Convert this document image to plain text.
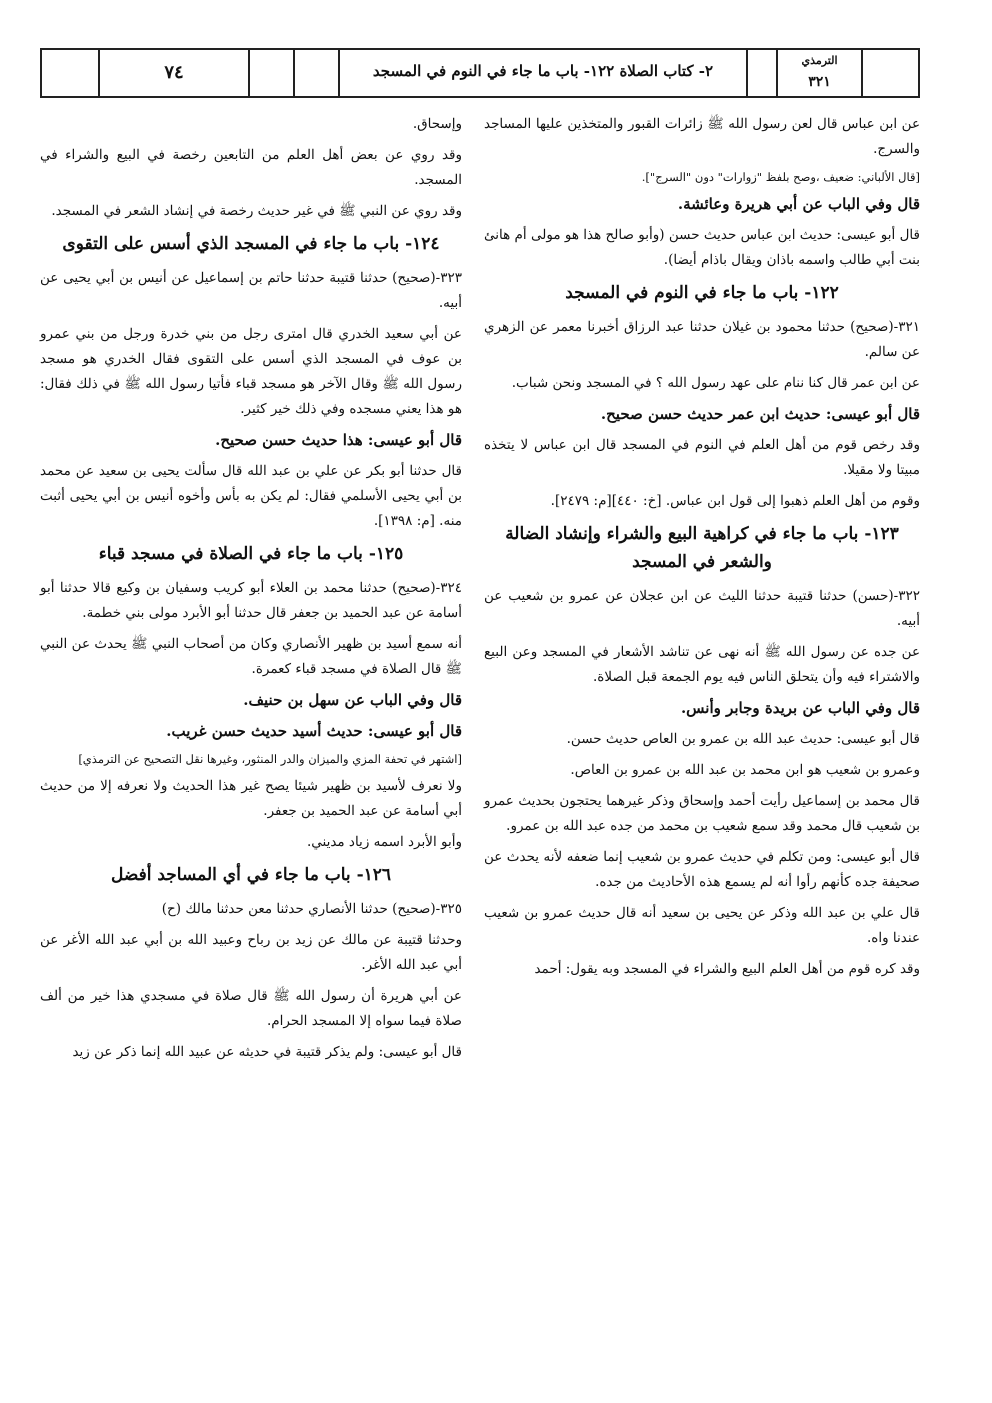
٧٤	٢- كتاب الصلاة ١٢٢- باب ما جاء في النوم في المسجد
الترمذي
٣٢١

عن ابن عباس قال لعن رسول الله ﷺ زائرات القبور والمتخذين عليها المساجد والسرج.

[قال الألباني: ضعيف ،وصح بلفظ "زوارات" دون "السرج"].

قال وفي الباب عن أبي هريرة وعائشة.

قال أبو عيسى: حديث ابن عباس حديث حسن (وأبو صالح هذا هو مولى أم هانئ بنت أبي طالب واسمه باذان ويقال باذام أيضا).

١٢٢- باب ما جاء في النوم في المسجد

٣٢١-(صحيح) حدثنا محمود بن غيلان حدثنا عبد الرزاق أخبرنا معمر عن الزهري عن سالم.

عن ابن عمر قال كنا ننام على عهد رسول الله ؟ في المسجد ونحن شباب.

قال أبو عيسى: حديث ابن عمر حديث حسن صحيح.

وقد رخص قوم من أهل العلم في النوم في المسجد قال ابن عباس لا يتخذه مبيتا ولا مقيلا.

وقوم من أهل العلم ذهبوا إلى قول ابن عباس. [خ: ٤٤٠][م: ٢٤٧٩].

١٢٣- باب ما جاء في كراهية البيع والشراء وإنشاد الضالة والشعر في المسجد

٣٢٢-(حسن) حدثنا قتيبة حدثنا الليث عن ابن عجلان عن عمرو بن شعيب عن أبيه.

عن جده عن رسول الله ﷺ أنه نهى عن تناشد الأشعار في المسجد وعن البيع والاشتراء فيه وأن يتحلق الناس فيه يوم الجمعة قبل الصلاة.

قال وفي الباب عن بريدة وجابر وأنس.

قال أبو عيسى: حديث عبد الله بن عمرو بن العاص حديث حسن.

وعمرو بن شعيب هو ابن محمد بن عبد الله بن عمرو بن العاص.

قال محمد بن إسماعيل رأيت أحمد وإسحاق وذكر غيرهما يحتجون بحديث عمرو بن شعيب قال محمد وقد سمع شعيب بن محمد من جده عبد الله بن عمرو.

قال أبو عيسى: ومن تكلم في حديث عمرو بن شعيب إنما ضعفه لأنه يحدث عن صحيفة جده كأنهم رأوا أنه لم يسمع هذه الأحاديث من جده.

قال علي بن عبد الله وذكر عن يحيى بن سعيد أنه قال حديث عمرو بن شعيب عندنا واه.

وقد كره قوم من أهل العلم البيع والشراء في المسجد وبه يقول: أحمد

وإسحاق.

وقد روي عن بعض أهل العلم من التابعين رخصة في البيع والشراء في المسجد.

وقد روي عن النبي ﷺ في غير حديث رخصة في إنشاد الشعر في المسجد.

١٢٤- باب ما جاء في المسجد الذي أسس على التقوى

٣٢٣-(صحيح) حدثنا قتيبة حدثنا حاتم بن إسماعيل عن أنيس بن أبي يحيى عن أبيه.

عن أبي سعيد الخدري قال امترى رجل من بني خدرة ورجل من بني عمرو بن عوف في المسجد الذي أسس على التقوى فقال الخدري هو مسجد رسول الله ﷺ وقال الآخر هو مسجد قباء فأتيا رسول الله ﷺ في ذلك فقال: هو هذا يعني مسجده وفي ذلك خير كثير.

قال أبو عيسى: هذا حديث حسن صحيح.

قال حدثنا أبو بكر عن علي بن عبد الله قال سألت يحيى بن سعيد عن محمد بن أبي يحيى الأسلمي فقال: لم يكن به بأس وأخوه أنيس بن أبي يحيى أثبت منه. [م: ١٣٩٨].

١٢٥- باب ما جاء في الصلاة في مسجد قباء

٣٢٤-(صحيح) حدثنا محمد بن العلاء أبو كريب وسفيان بن وكيع قالا حدثنا أبو أسامة عن عبد الحميد بن جعفر قال حدثنا أبو الأبرد مولى بني خطمة.

أنه سمع أسيد بن ظهير الأنصاري وكان من أصحاب النبي ﷺ يحدث عن النبي ﷺ قال الصلاة في مسجد قباء كعمرة.

قال وفي الباب عن سهل بن حنيف.

قال أبو عيسى: حديث أسيد حديث حسن غريب.

[اشتهر في تحفة المزي والميزان والدر المنثور، وغيرها نقل التصحيح عن الترمذي]

ولا نعرف لأسيد بن ظهير شيئا يصح غير هذا الحديث ولا نعرفه إلا من حديث أبي أسامة عن عبد الحميد بن جعفر.

وأبو الأبرد اسمه زياد مديني.

١٢٦- باب ما جاء في أي المساجد أفضل

٣٢٥-(صحيح) حدثنا الأنصاري حدثنا معن حدثنا مالك (ح)

وحدثنا قتيبة عن مالك عن زيد بن رباح وعبيد الله بن أبي عبد الله الأغر عن أبي عبد الله الأغر.

عن أبي هريرة أن رسول الله ﷺ قال صلاة في مسجدي هذا خير من ألف صلاة فيما سواه إلا المسجد الحرام.

قال أبو عيسى: ولم يذكر قتيبة في حديثه عن عبيد الله إنما ذكر عن زيد
